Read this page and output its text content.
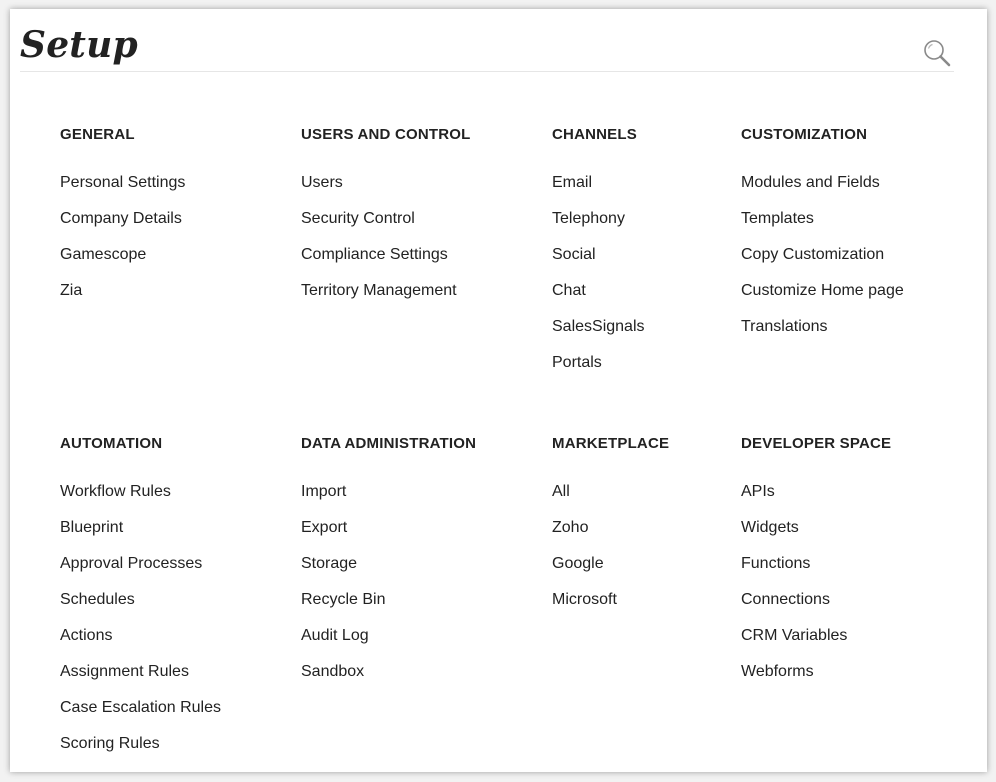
Setup
GENERAL
Personal Settings
Company Details
Gamescope
Zia
USERS AND CONTROL
Users
Security Control
Compliance Settings
Territory Management
CHANNELS
Email
Telephony
Social
Chat
SalesSignals
Portals
CUSTOMIZATION
Modules and Fields
Templates
Copy Customization
Customize Home page
Translations
AUTOMATION
Workflow Rules
Blueprint
Approval Processes
Schedules
Actions
Assignment Rules
Case Escalation Rules
Scoring Rules
DATA ADMINISTRATION
Import
Export
Storage
Recycle Bin
Audit Log
Sandbox
MARKETPLACE
All
Zoho
Google
Microsoft
DEVELOPER SPACE
APIs
Widgets
Functions
Connections
CRM Variables
Webforms
